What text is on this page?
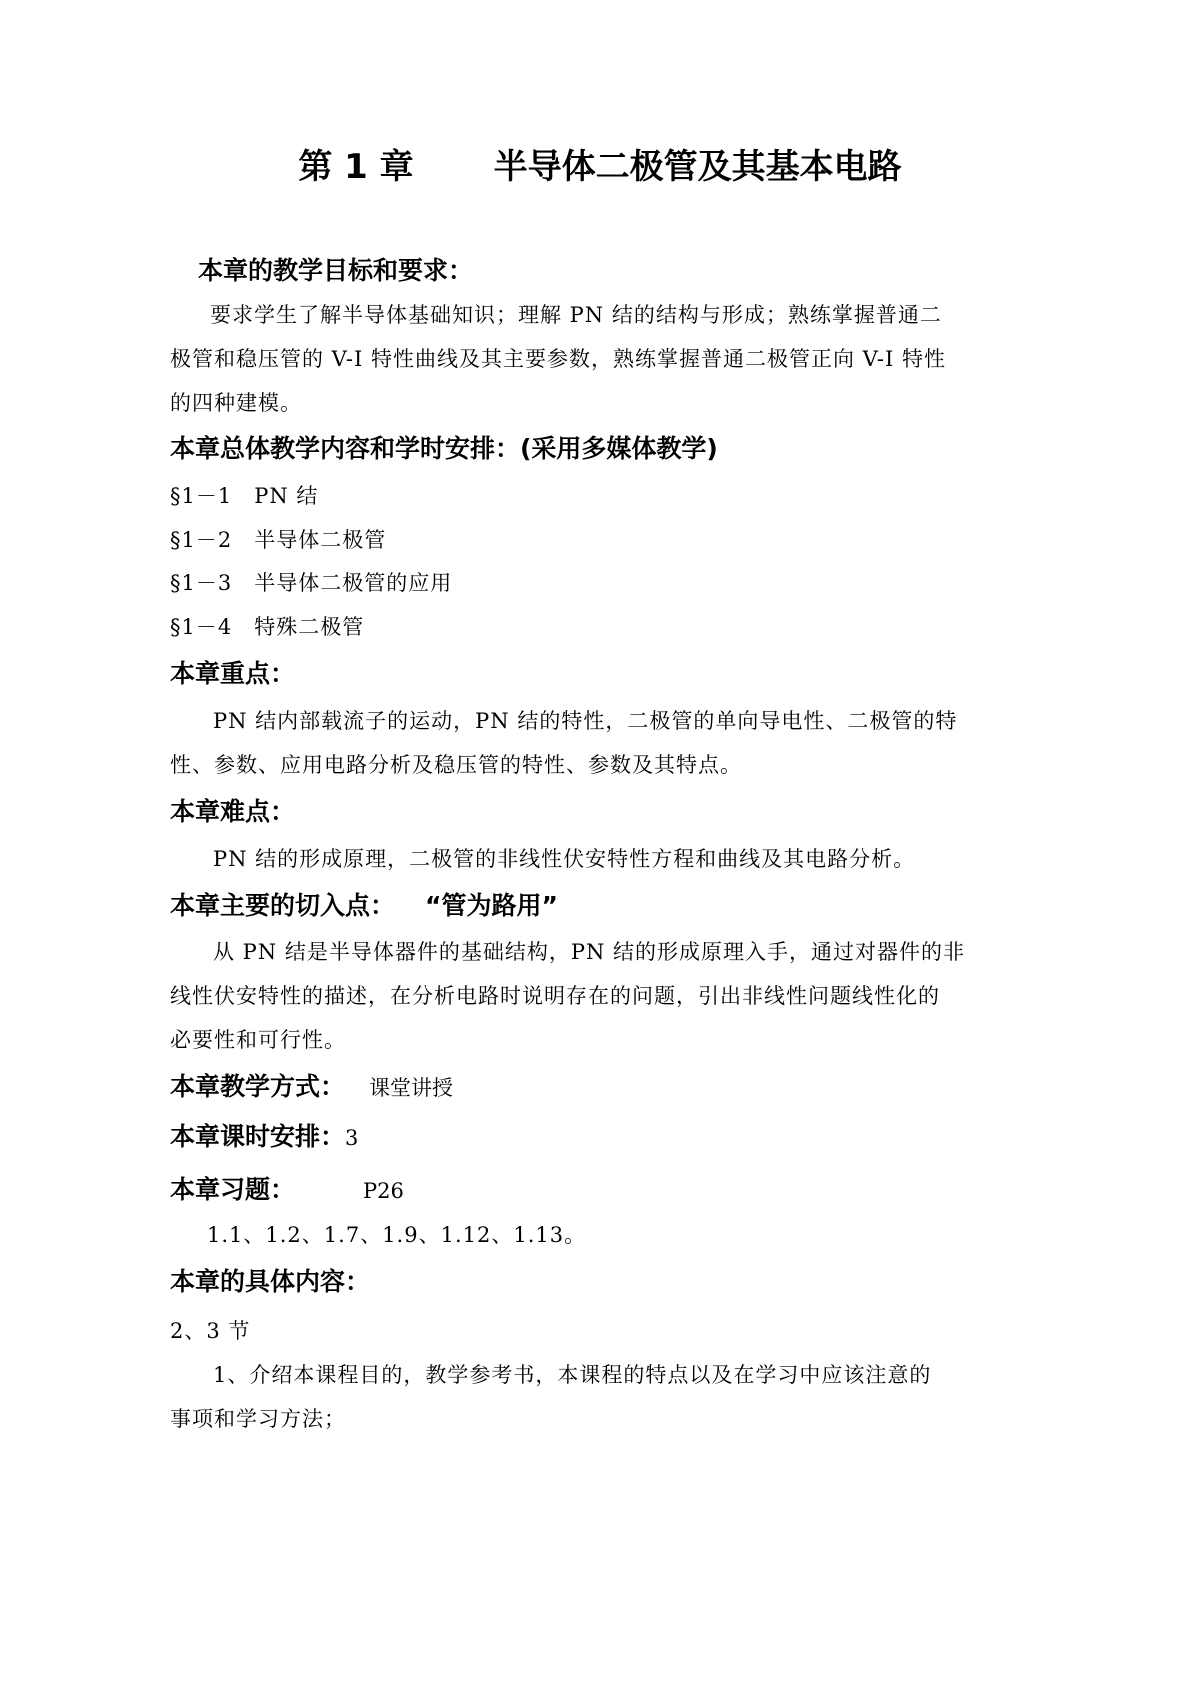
第 1 章 半导体二极管及其基本电路
本章的教学目标和要求：
要求学生了解半导体基础知识；理解 PN 结的结构与形成；熟练掌握普通二
极管和稳压管的 V-I 特性曲线及其主要参数，熟练掌握普通二极管正向 V-I 特性
的四种建模。
本章总体教学内容和学时安排：(采用多媒体教学)
§1－1　PN 结
§1－2　半导体二极管
§1－3　半导体二极管的应用
§1－4　特殊二极管
本章重点：
PN 结内部载流子的运动，PN 结的特性，二极管的单向导电性、二极管的特
性、参数、应用电路分析及稳压管的特性、参数及其特点。
本章难点：
PN 结的形成原理，二极管的非线性伏安特性方程和曲线及其电路分析。
本章主要的切入点： “管为路用”
从 PN 结是半导体器件的基础结构，PN 结的形成原理入手，通过对器件的非
线性伏安特性的描述，在分析电路时说明存在的问题，引出非线性问题线性化的
必要性和可行性。
本章教学方式： 课堂讲授
本章课时安排：3
本章习题：	P26
1.1、1.2、1.7、1.9、1.12、1.13。
本章的具体内容：
2、3 节
1、介绍本课程目的，教学参考书，本课程的特点以及在学习中应该注意的
事项和学习方法；
